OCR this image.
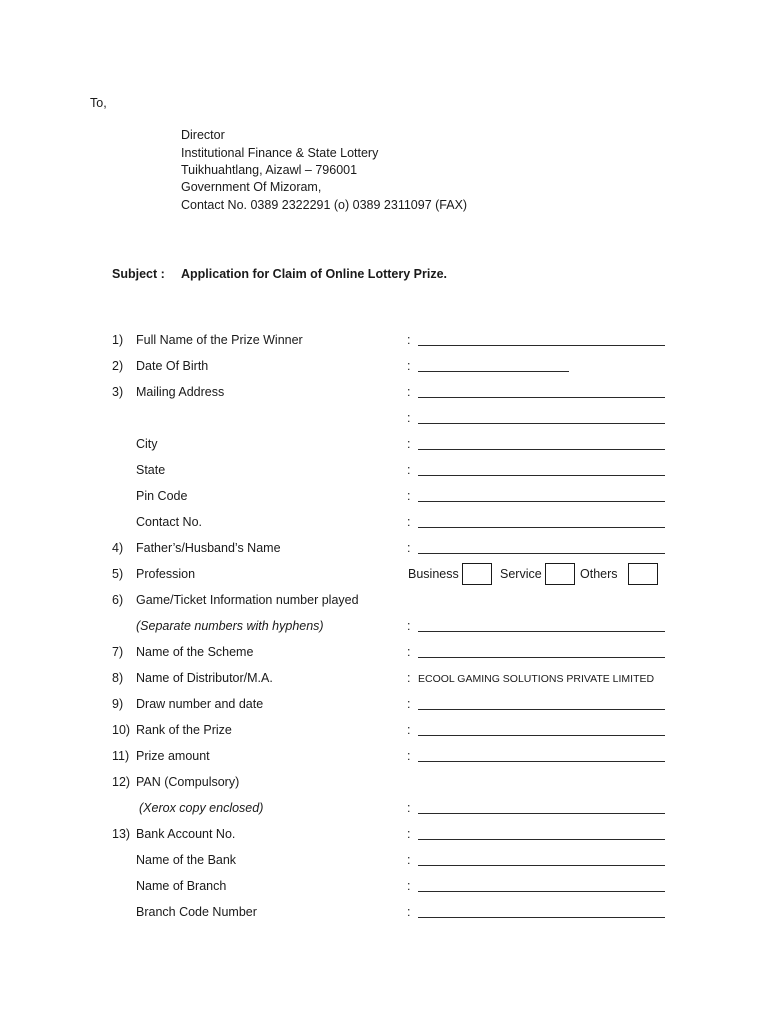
To,
Director
Institutional Finance & State Lottery
Tuikhuahtlang, Aizawl – 796001
Government Of Mizoram,
Contact No. 0389 2322291 (o) 0389 2311097 (FAX)
Subject : Application for Claim of Online Lottery Prize.
1) Full Name of the Prize Winner	:
2) Date Of Birth	:
3) Mailing Address	:
:
City	:
State	:
Pin Code	:
Contact No.	:
4) Father’s/Husband’s Name	:
5) Profession	Business	Service	Others
6) Game/Ticket Information number played
(Separate numbers with hyphens)	:
7) Name of the Scheme	:
8) Name of Distributor/M.A.	: ECOOL GAMING SOLUTIONS PRIVATE LIMITED
9) Draw number and date	:
10) Rank of the Prize	:
11) Prize amount	:
12) PAN (Compulsory)
(Xerox copy enclosed)	:
13) Bank Account No.	:
Name of the Bank	:
Name of Branch	:
Branch Code Number	:
